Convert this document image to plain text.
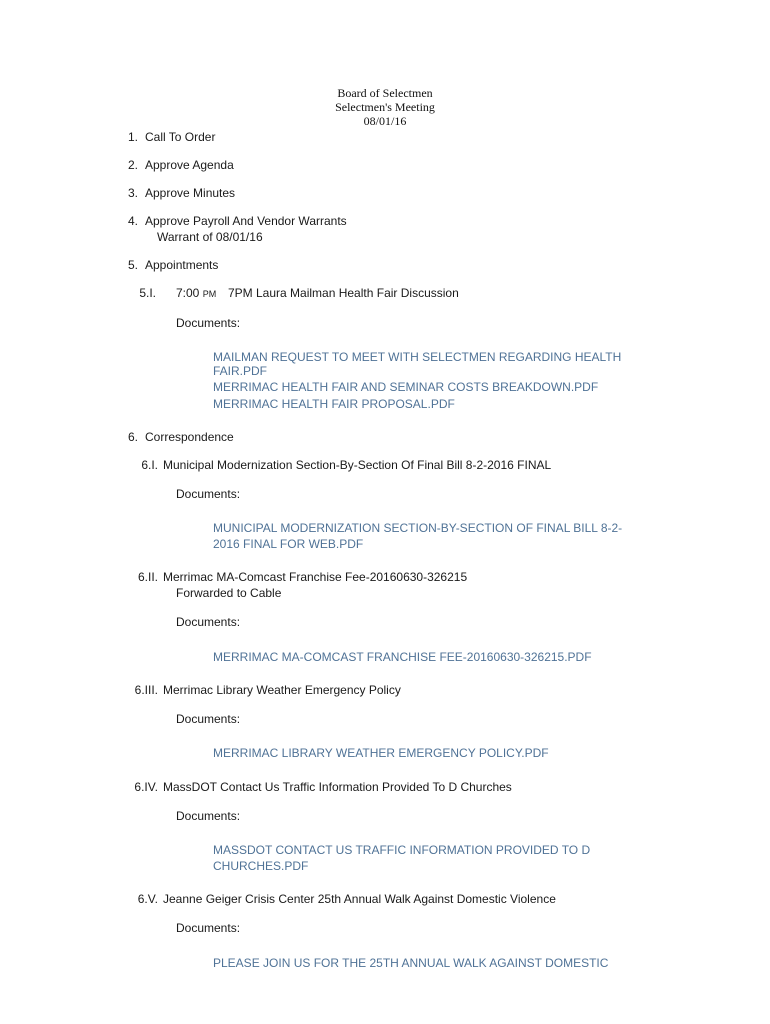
Board of Selectmen
Selectmen's Meeting
08/01/16
1. Call To Order
2. Approve Agenda
3. Approve Minutes
4. Approve Payroll And Vendor Warrants
Warrant of 08/01/16
5. Appointments
5.I. 7:00 PM 7PM Laura Mailman Health Fair Discussion
Documents:
MAILMAN REQUEST TO MEET WITH SELECTMEN REGARDING HEALTH
FAIR.PDF
MERRIMAC HEALTH FAIR AND SEMINAR COSTS BREAKDOWN.PDF
MERRIMAC HEALTH FAIR PROPOSAL.PDF
6. Correspondence
6.I. Municipal Modernization Section-By-Section Of Final Bill 8-2-2016 FINAL
Documents:
MUNICIPAL MODERNIZATION SECTION-BY-SECTION OF FINAL BILL 8-2-
2016 FINAL FOR WEB.PDF
6.II. Merrimac MA-Comcast Franchise Fee-20160630-326215
Forwarded to Cable
Documents:
MERRIMAC MA-COMCAST FRANCHISE FEE-20160630-326215.PDF
6.III. Merrimac Library Weather Emergency Policy
Documents:
MERRIMAC LIBRARY WEATHER EMERGENCY POLICY.PDF
6.IV. MassDOT Contact Us Traffic Information Provided To D Churches
Documents:
MASSDOT CONTACT US TRAFFIC INFORMATION PROVIDED TO D
CHURCHES.PDF
6.V. Jeanne Geiger Crisis Center 25th Annual Walk Against Domestic Violence
Documents:
PLEASE JOIN US FOR THE 25TH ANNUAL WALK AGAINST DOMESTIC
